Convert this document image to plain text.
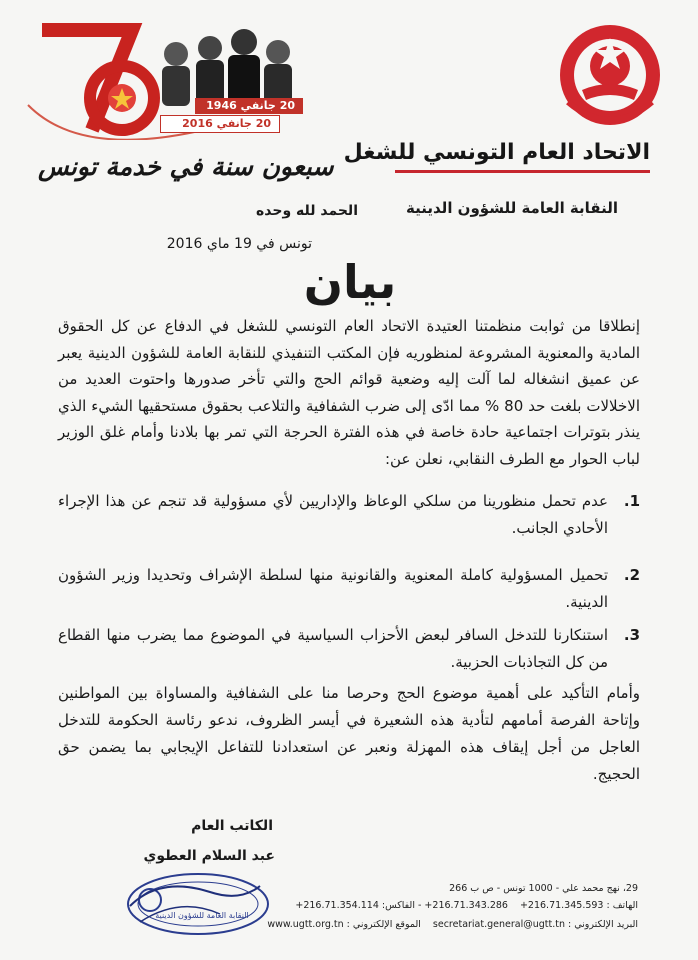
الاتحاد العام التونسي للشغل
20 جانفي 1946
20 جانفي 2016
سبعون سنة في خدمة تونس
النقابة العامة للشؤون الدينية
الحمد لله وحده
تونس في 19 ماي 2016
بيان
إنطلاقا من ثوابت منظمتنا العتيدة الاتحاد العام التونسي للشغل في الدفاع عن كل الحقوق المادية والمعنوية المشروعة لمنظوريه فإن المكتب التنفيذي للنقابة العامة للشؤون الدينية يعبر عن عميق انشغاله لما آلت إليه وضعية قوائم الحج والتي تأخر صدورها واحتوت العديد من الاخلالات بلغت حد 80 % مما ادّى إلى ضرب الشفافية والتلاعب بحقوق مستحقيها الشيء الذي ينذر بتوترات اجتماعية حادة خاصة في هذه الفترة الحرجة التي تمر بها بلادنا وأمام غلق الوزير لباب الحوار مع الطرف النقابي، نعلن عن:
1.
عدم تحمل منظورينا من سلكي الوعاظ والإداريين لأي مسؤولية قد تنجم عن هذا الإجراء الأحادي الجانب.
2.
تحميل المسؤولية كاملة المعنوية والقانونية منها لسلطة الإشراف وتحديدا وزير الشؤون الدينية.
3.
استنكارنا للتدخل السافر لبعض الأحزاب السياسية في الموضوع مما يضرب منها القطاع من كل التجاذبات الحزبية.
وأمام التأكيد على أهمية موضوع الحج وحرصا منا على الشفافية والمساواة بين المواطنين وإتاحة الفرصة أمامهم لتأدية هذه الشعيرة في أيسر الظروف، ندعو رئاسة الحكومة للتدخل العاجل من أجل إيقاف هذه المهزلة ونعبر عن استعدادنا للتفاعل الإيجابي بما يضمن حق الحجيج.
الكاتب العام
عبد السلام العطوي
النقابة العامة للشؤون الدينية
29، نهج محمد علي - 1000 تونس - ص ب 266
الهاتف : 216.71.345.593+216.71.343.286+ - الفاكس: 216.71.354.114+
البريد الإلكتروني : secretariat.general@ugtt.tnالموقع الإلكتروني : www.ugtt.org.tn
